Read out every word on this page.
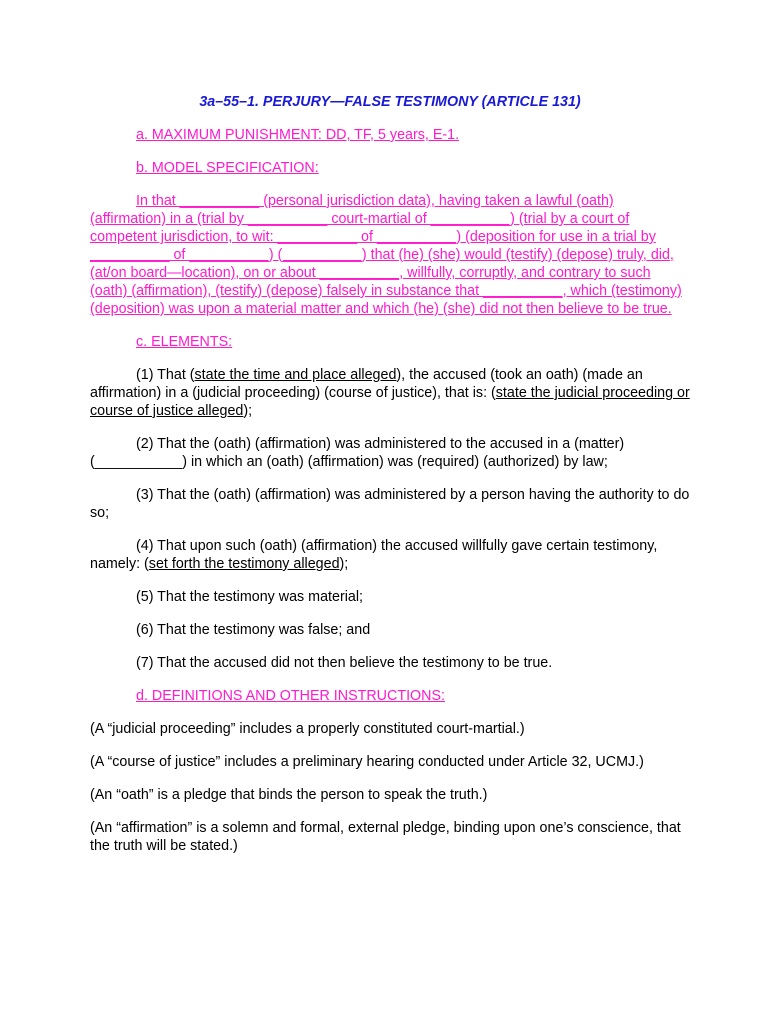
3a–55–1. PERJURY—FALSE TESTIMONY (ARTICLE 131)
a. MAXIMUM PUNISHMENT: DD, TF, 5 years, E-1.
b. MODEL SPECIFICATION:
In that __________ (personal jurisdiction data), having taken a lawful (oath) (affirmation) in a (trial by __________ court-martial of __________) (trial by a court of competent jurisdiction, to wit: __________ of __________) (deposition for use in a trial by __________ of __________) (__________) that (he) (she) would (testify) (depose) truly, did, (at/on board—location), on or about __________, willfully, corruptly, and contrary to such (oath) (affirmation), (testify) (depose) falsely in substance that __________, which (testimony) (deposition) was upon a material matter and which (he) (she) did not then believe to be true.
c. ELEMENTS:
(1) That (state the time and place alleged), the accused (took an oath) (made an affirmation) in a (judicial proceeding) (course of justice), that is: (state the judicial proceeding or course of justice alleged);
(2) That the (oath) (affirmation) was administered to the accused in a (matter) (___________) in which an (oath) (affirmation) was (required) (authorized) by law;
(3) That the (oath) (affirmation) was administered by a person having the authority to do so;
(4) That upon such (oath) (affirmation) the accused willfully gave certain testimony, namely: (set forth the testimony alleged);
(5) That the testimony was material;
(6) That the testimony was false; and
(7) That the accused did not then believe the testimony to be true.
d. DEFINITIONS AND OTHER INSTRUCTIONS:
(A “judicial proceeding” includes a properly constituted court-martial.)
(A “course of justice” includes a preliminary hearing conducted under Article 32, UCMJ.)
(An “oath” is a pledge that binds the person to speak the truth.)
(An “affirmation” is a solemn and formal, external pledge, binding upon one’s conscience, that the truth will be stated.)
